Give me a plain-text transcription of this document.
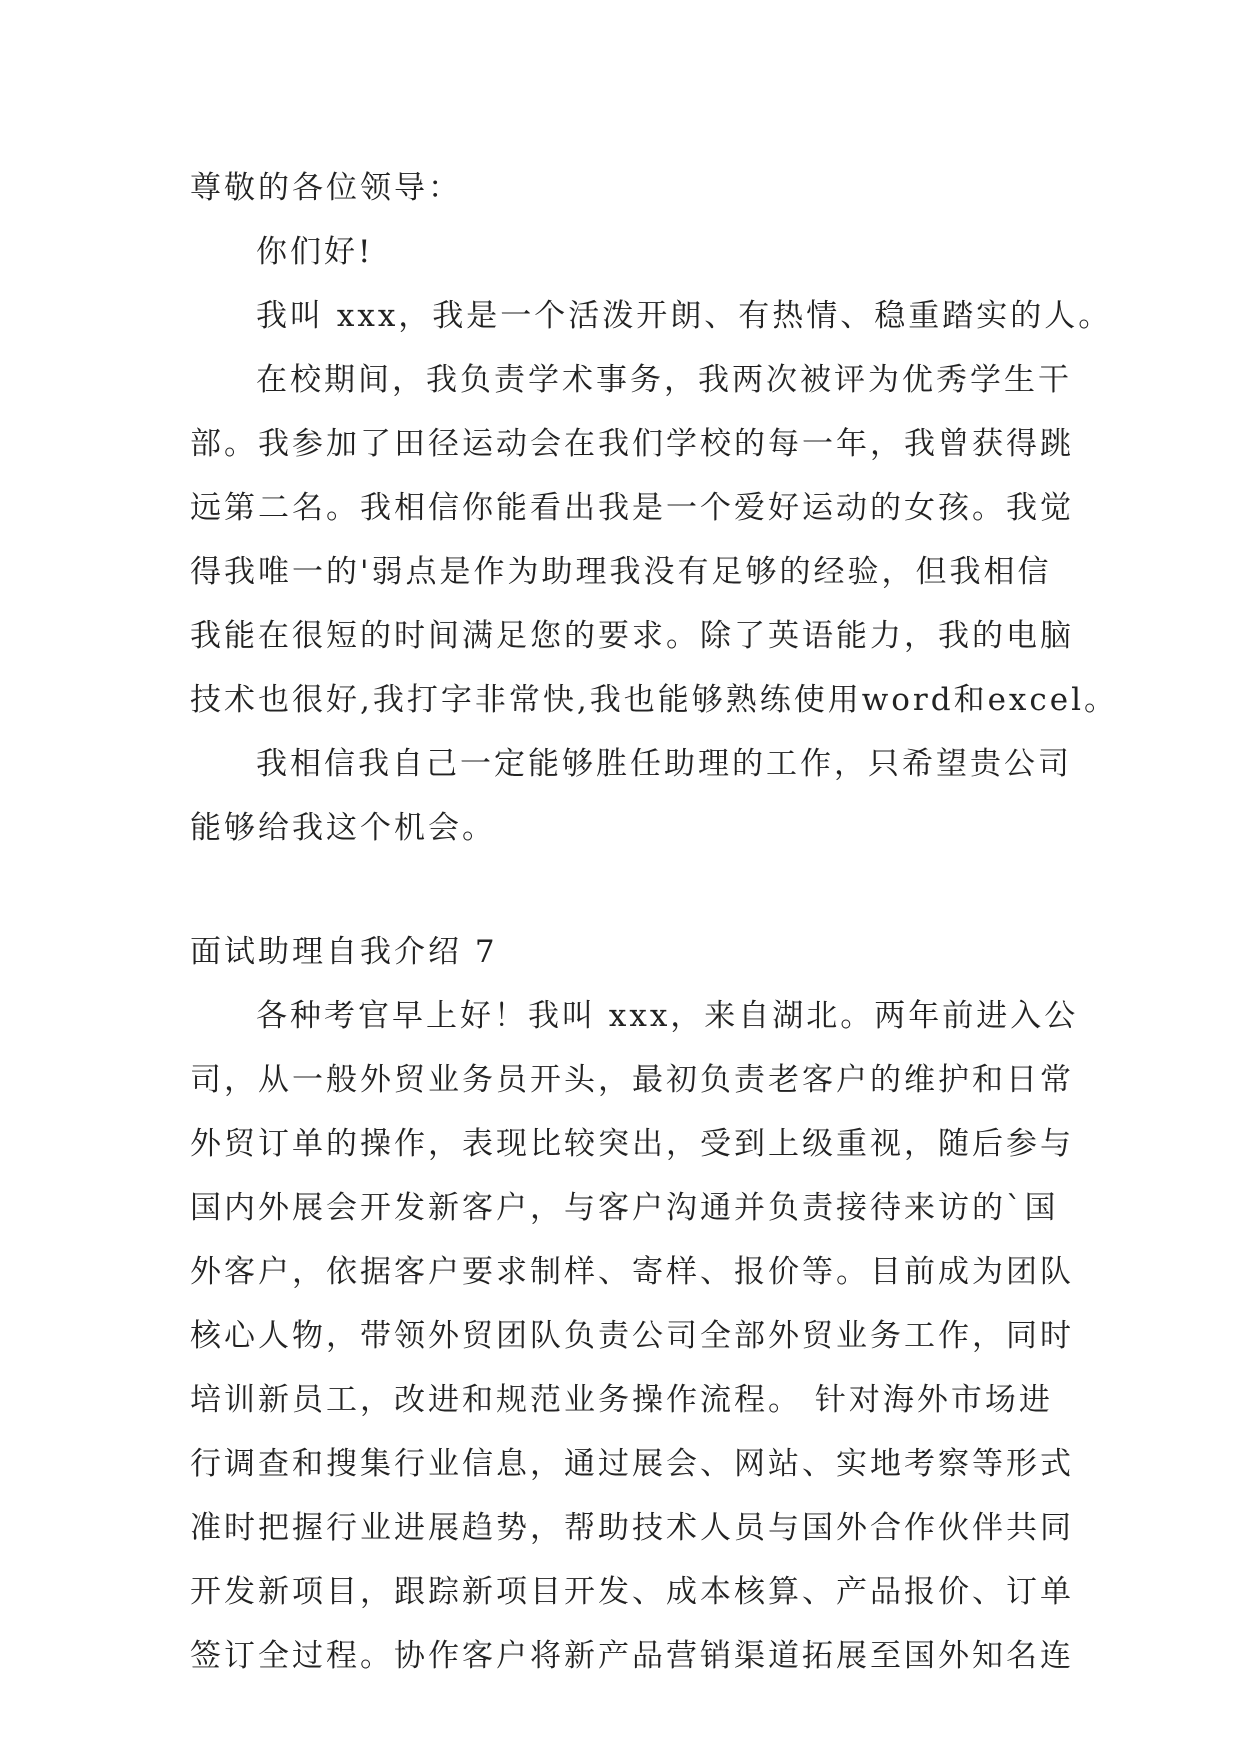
尊敬的各位领导：
你们好!
我叫 xxx，我是一个活泼开朗、有热情、稳重踏实的人。
在校期间，我负责学术事务，我两次被评为优秀学生干
部。我参加了田径运动会在我们学校的每一年，我曾获得跳
远第二名。我相信你能看出我是一个爱好运动的女孩。我觉
得我唯一的'弱点是作为助理我没有足够的经验，但我相信
我能在很短的时间满足您的要求。除了英语能力，我的电脑
技术也很好,我打字非常快,我也能够熟练使用word和excel。
我相信我自己一定能够胜任助理的工作，只希望贵公司
能够给我这个机会。
面试助理自我介绍 7
各种考官早上好！我叫 xxx，来自湖北。两年前进入公
司，从一般外贸业务员开头，最初负责老客户的维护和日常
外贸订单的操作，表现比较突出，受到上级重视，随后参与
国内外展会开发新客户，与客户沟通并负责接待来访的`国
外客户，依据客户要求制样、寄样、报价等。目前成为团队
核心人物，带领外贸团队负责公司全部外贸业务工作，同时
培训新员工，改进和规范业务操作流程。 针对海外市场进
行调查和搜集行业信息，通过展会、网站、实地考察等形式
准时把握行业进展趋势，帮助技术人员与国外合作伙伴共同
开发新项目，跟踪新项目开发、成本核算、产品报价、订单
签订全过程。协作客户将新产品营销渠道拓展至国外知名连
